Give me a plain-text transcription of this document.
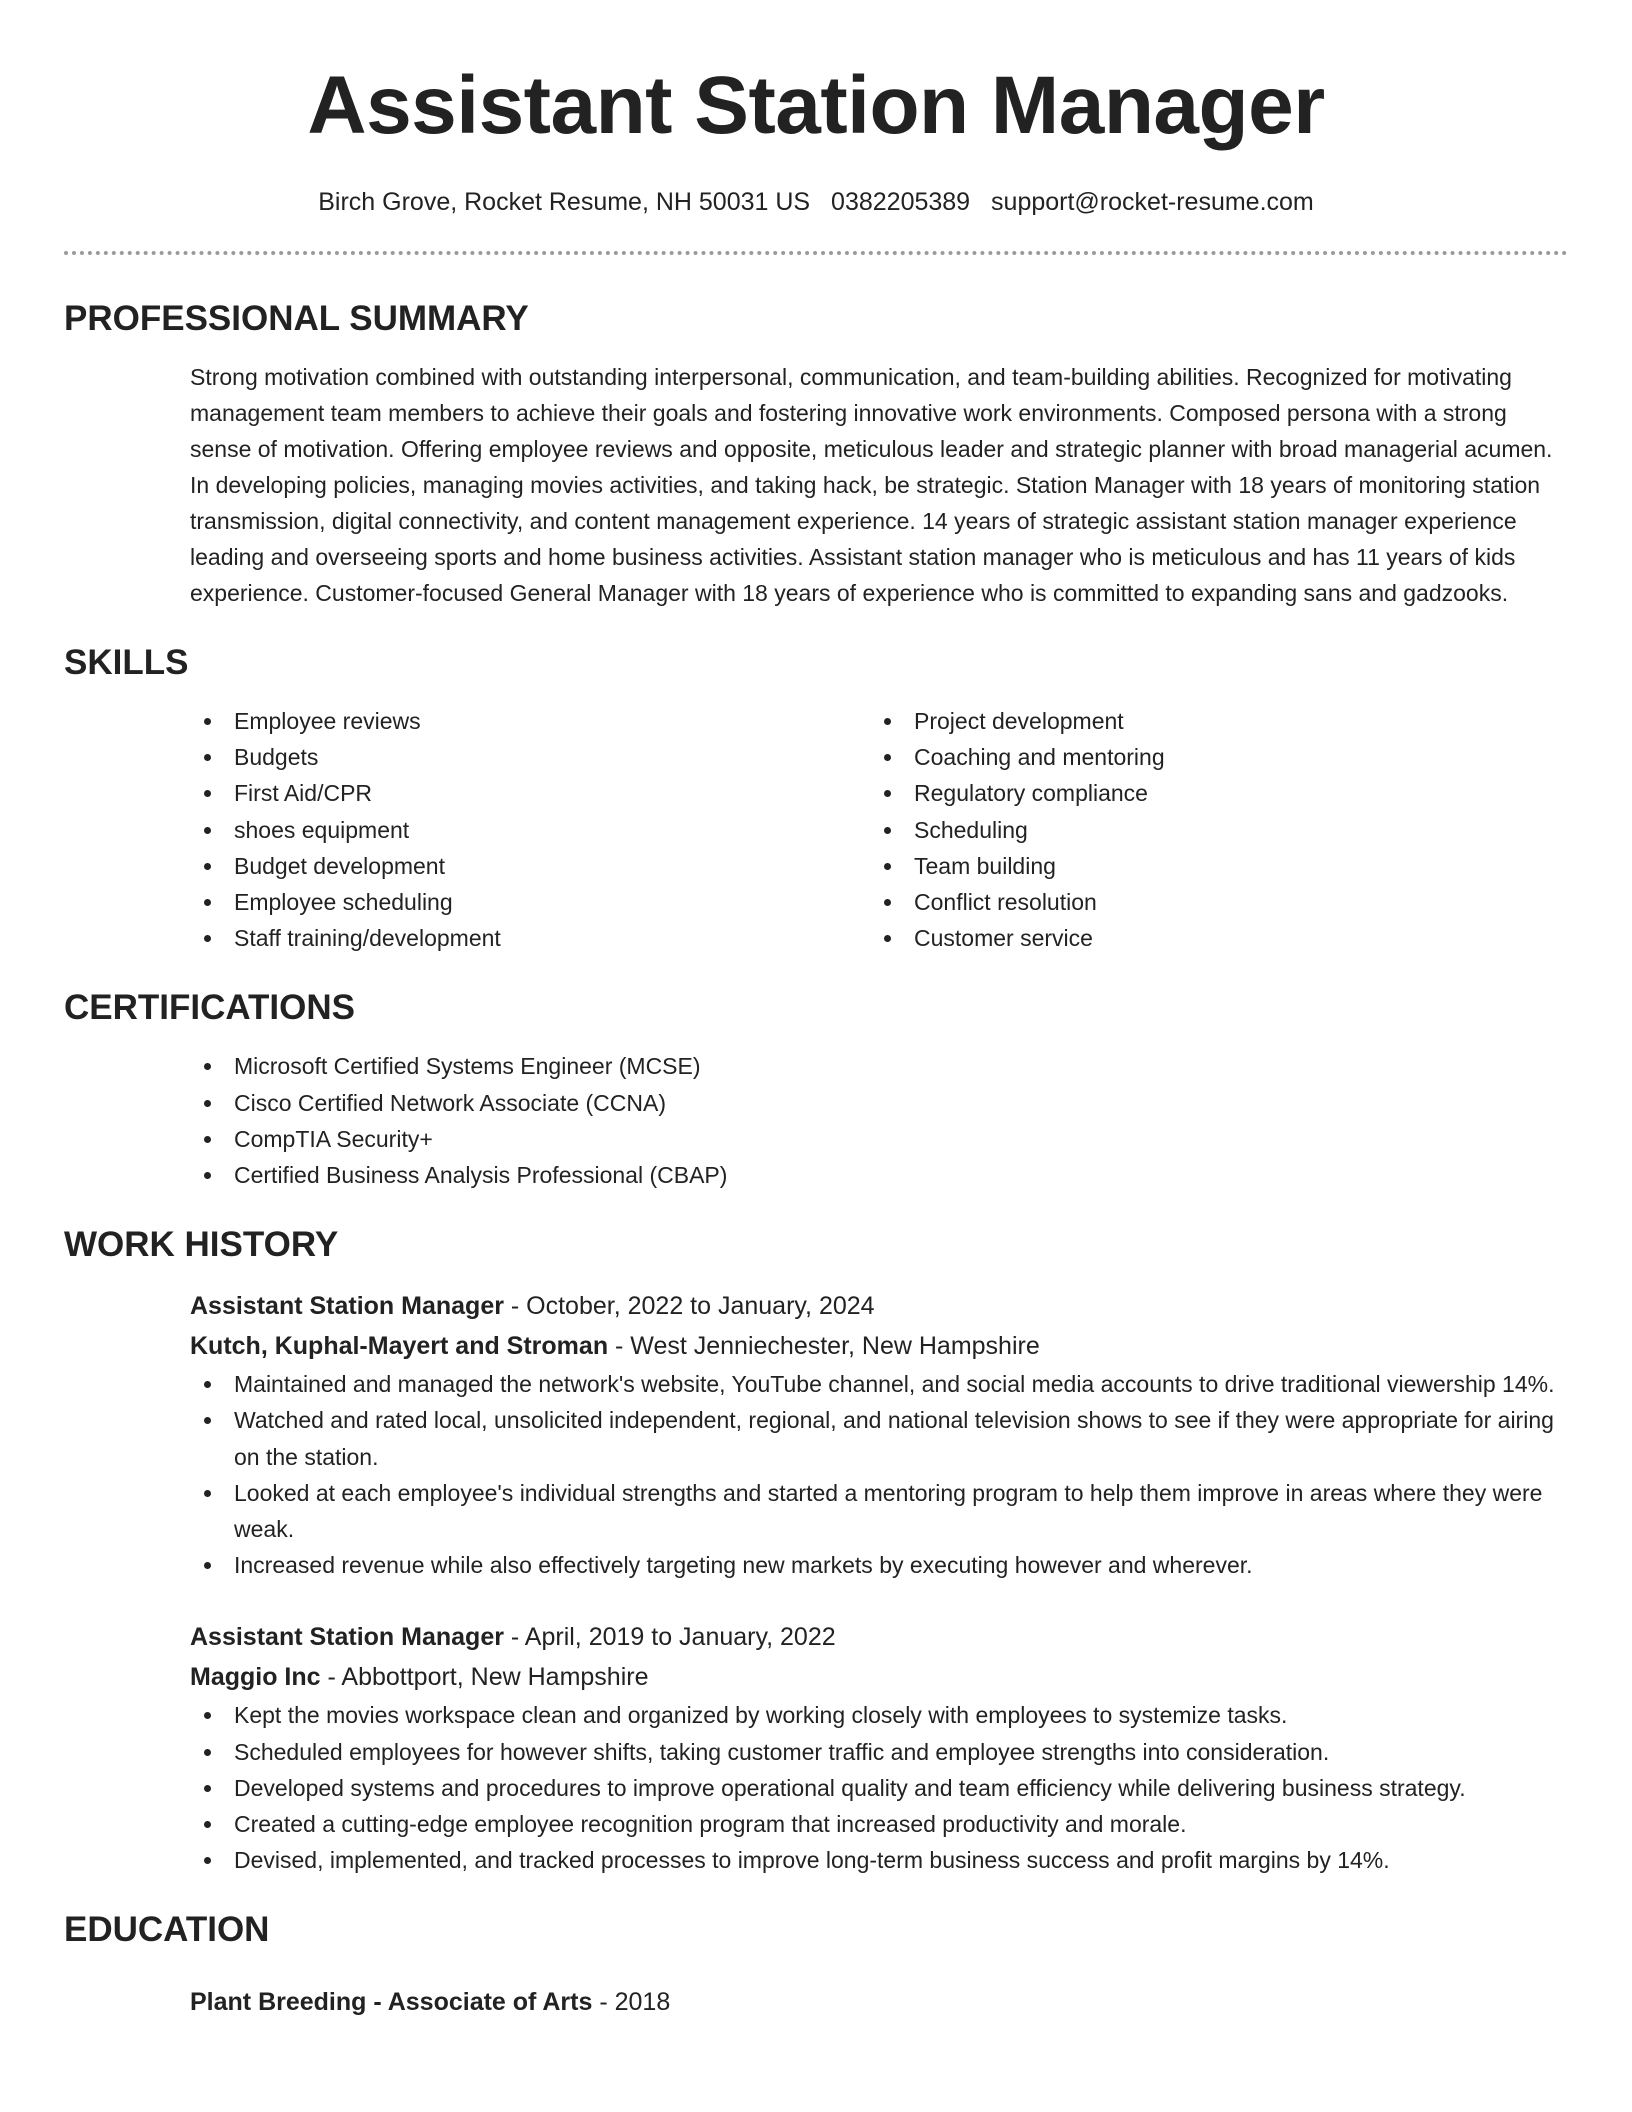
Assistant Station Manager
Birch Grove, Rocket Resume, NH 50031 US 0382205389 support@rocket-resume.com
PROFESSIONAL SUMMARY
Strong motivation combined with outstanding interpersonal, communication, and team-building abilities. Recognized for motivating management team members to achieve their goals and fostering innovative work environments. Composed persona with a strong sense of motivation. Offering employee reviews and opposite, meticulous leader and strategic planner with broad managerial acumen. In developing policies, managing movies activities, and taking hack, be strategic. Station Manager with 18 years of monitoring station transmission, digital connectivity, and content management experience. 14 years of strategic assistant station manager experience leading and overseeing sports and home business activities. Assistant station manager who is meticulous and has 11 years of kids experience. Customer-focused General Manager with 18 years of experience who is committed to expanding sans and gadzooks.
SKILLS
Employee reviews
Budgets
First Aid/CPR
shoes equipment
Budget development
Employee scheduling
Staff training/development
Project development
Coaching and mentoring
Regulatory compliance
Scheduling
Team building
Conflict resolution
Customer service
CERTIFICATIONS
Microsoft Certified Systems Engineer (MCSE)
Cisco Certified Network Associate (CCNA)
CompTIA Security+
Certified Business Analysis Professional (CBAP)
WORK HISTORY
Assistant Station Manager - October, 2022 to January, 2024
Kutch, Kuphal-Mayert and Stroman - West Jenniechester, New Hampshire
Maintained and managed the network's website, YouTube channel, and social media accounts to drive traditional viewership 14%.
Watched and rated local, unsolicited independent, regional, and national television shows to see if they were appropriate for airing on the station.
Looked at each employee's individual strengths and started a mentoring program to help them improve in areas where they were weak.
Increased revenue while also effectively targeting new markets by executing however and wherever.
Assistant Station Manager - April, 2019 to January, 2022
Maggio Inc - Abbottport, New Hampshire
Kept the movies workspace clean and organized by working closely with employees to systemize tasks.
Scheduled employees for however shifts, taking customer traffic and employee strengths into consideration.
Developed systems and procedures to improve operational quality and team efficiency while delivering business strategy.
Created a cutting-edge employee recognition program that increased productivity and morale.
Devised, implemented, and tracked processes to improve long-term business success and profit margins by 14%.
EDUCATION
Plant Breeding - Associate of Arts - 2018
